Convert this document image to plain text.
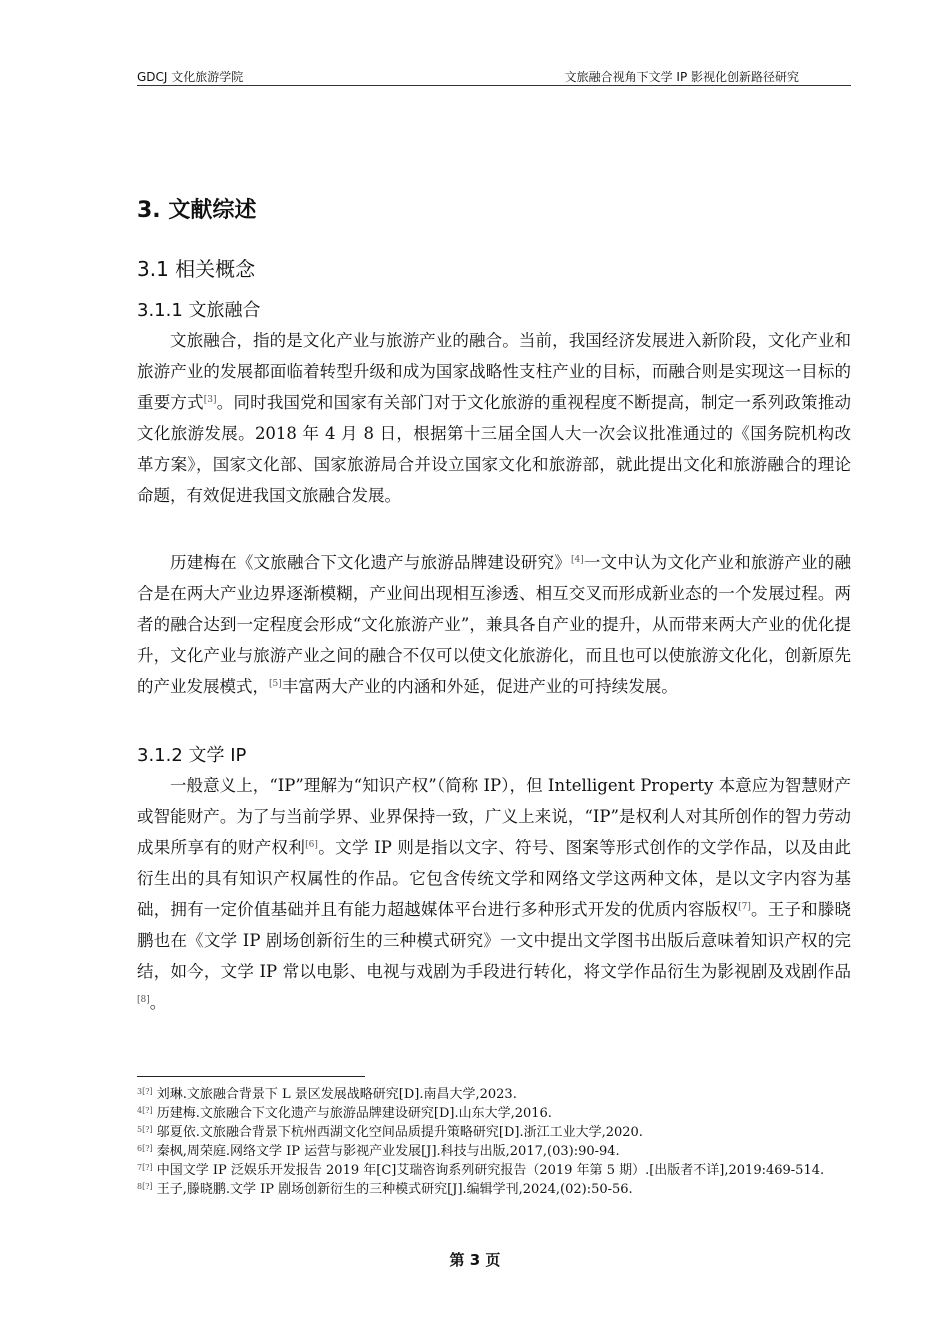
GDCJ 文化旅游学院	文旅融合视角下文学 IP 影视化创新路径研究
3. 文献综述
3.1 相关概念
3.1.1 文旅融合
文旅融合，指的是文化产业与旅游产业的融合。当前，我国经济发展进入新阶段，文化产业和旅游产业的发展都面临着转型升级和成为国家战略性支柱产业的目标，而融合则是实现这一目标的重要方式[3]。同时我国党和国家有关部门对于文化旅游的重视程度不断提高，制定一系列政策推动文化旅游发展。2018 年 4 月 8 日，根据第十三届全国人大一次会议批准通过的《国务院机构改革方案》，国家文化部、国家旅游局合并设立国家文化和旅游部，就此提出文化和旅游融合的理论命题，有效促进我国文旅融合发展。
历建梅在《文旅融合下文化遗产与旅游品牌建设研究》[4]一文中认为文化产业和旅游产业的融合是在两大产业边界逐渐模糊，产业间出现相互渗透、相互交叉而形成新业态的一个发展过程。两者的融合达到一定程度会形成“文化旅游产业”，兼具各自产业的提升，从而带来两大产业的优化提升，文化产业与旅游产业之间的融合不仅可以使文化旅游化，而且也可以使旅游文化化，创新原先的产业发展模式，[5]丰富两大产业的内涵和外延，促进产业的可持续发展。
3.1.2 文学 IP
一般意义上，“IP”理解为“知识产权”（简称 IP），但 Intelligent Property 本意应为智慧财产或智能财产。为了与当前学界、业界保持一致，广义上来说，“IP”是权利人对其所创作的智力劳动成果所享有的财产权利[6]。文学 IP 则是指以文字、符号、图案等形式创作的文学作品，以及由此衍生出的具有知识产权属性的作品。它包含传统文学和网络文学这两种文体，是以文字内容为基础，拥有一定价值基础并且有能力超越媒体平台进行多种形式开发的优质内容版权[7]。王子和滕晓鹏也在《文学 IP 剧场创新衍生的三种模式研究》一文中提出文学图书出版后意味着知识产权的完结，如今，文学 IP 常以电影、电视与戏剧为手段进行转化，将文学作品衍生为影视剧及戏剧作品[8]。
$^{3[?]}$ 刘琳.文旅融合背景下 L 景区发展战略研究[D].南昌大学,2023.
$^{4[?]}$ 历建梅.文旅融合下文化遗产与旅游品牌建设研究[D].山东大学,2016.
$^{5[?]}$ 邬夏依.文旅融合背景下杭州西湖文化空间品质提升策略研究[D].浙江工业大学,2020.
$^{6[?]}$ 秦枫,周荣庭.网络文学 IP 运营与影视产业发展[J].科技与出版,2017,(03):90-94.
$^{7[?]}$ 中国文学 IP 泛娱乐开发报告 2019 年[C]艾瑞咨询系列研究报告（2019 年第 5 期）.[出版者不详],2019:469-514.
$^{8[?]}$ 王子,滕晓鹏.文学 IP 剧场创新衍生的三种模式研究[J].编辑学刊,2024,(02):50-56.
第 3 页
